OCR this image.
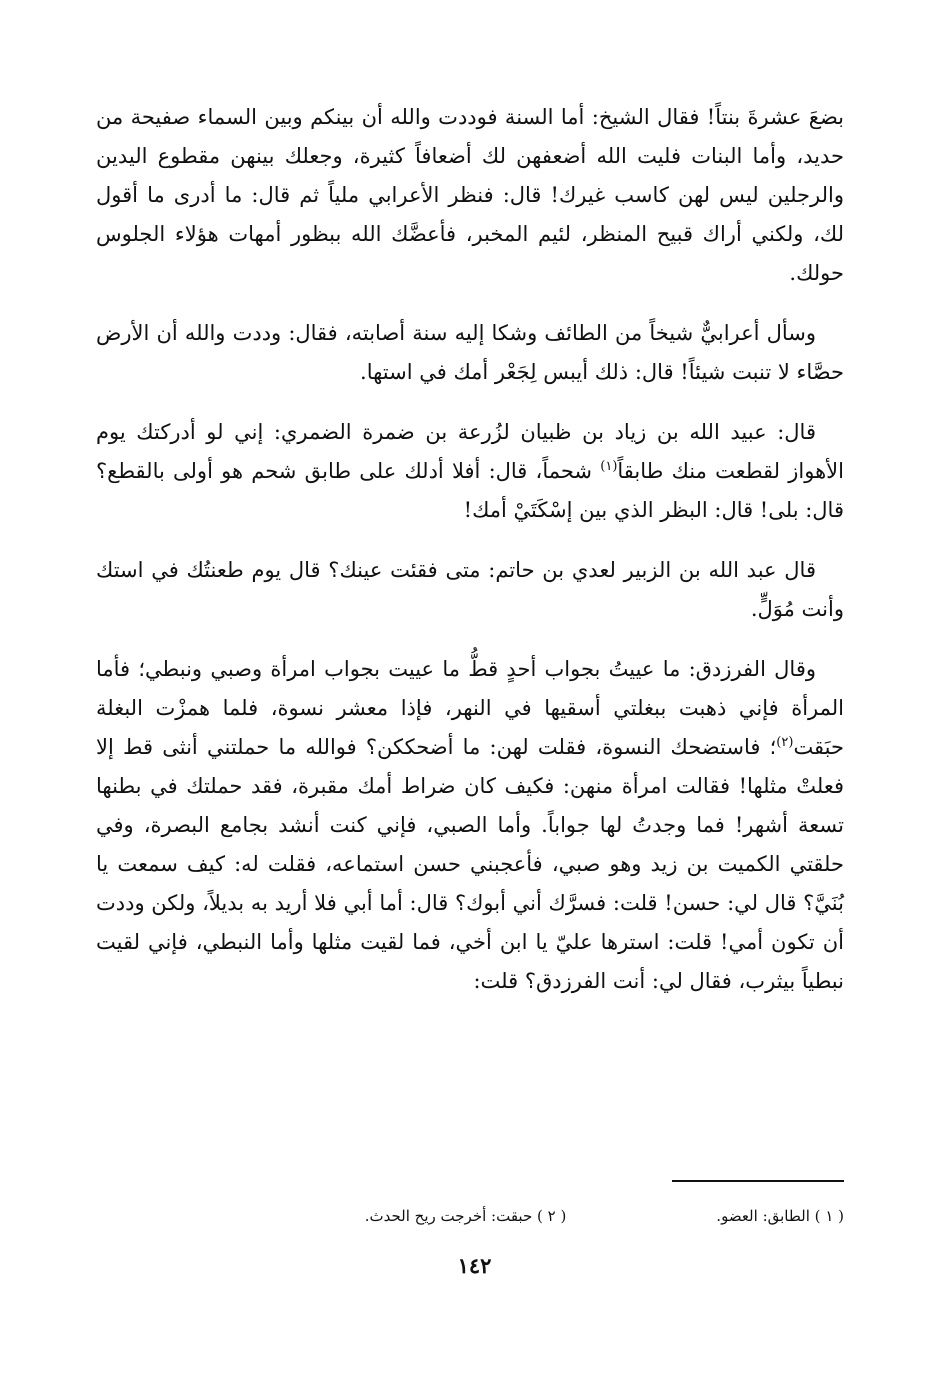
بضعَ عشرةَ بنتاً! فقال الشيخ: أما السنة فوددت والله أن بينكم وبين السماء صفيحة من حديد، وأما البنات فليت الله أضعفهن لك أضعافاً كثيرة، وجعلك بينهن مقطوع اليدين والرجلين ليس لهن كاسب غيرك! قال: فنظر الأعرابي ملياً ثم قال: ما أدرى ما أقول لك، ولكني أراك قبيح المنظر، لئيم المخبر، فأعضَّك الله ببظور أمهات هؤلاء الجلوس حولك.

وسأل أعرابيٌّ شيخاً من الطائف وشكا إليه سنة أصابته، فقال: وددت والله أن الأرض حصَّاء لا تنبت شيئاً! قال: ذلك أيبس لِجَعْر أمك في استها.

قال: عبيد الله بن زياد بن ظبيان لزُرعة بن ضمرة الضمري: إني لو أدركتك يوم الأهواز لقطعت منك طابقاً$^{(١)}$ شحماً، قال: أفلا أدلك على طابق شحم هو أولى بالقطع؟ قال: بلى! قال: البظر الذي بين إسْكَتَيْ أمك!

قال عبد الله بن الزبير لعدي بن حاتم: متى فقئت عينك؟ قال يوم طعنتُك في استك وأنت مُوَلٍّ.

وقال الفرزدق: ما عييتُ بجواب أحدٍ قطُّ ما عييت بجواب امرأة وصبي ونبطي؛ فأما المرأة فإني ذهبت ببغلتي أسقيها في النهر، فإذا معشر نسوة، فلما همزْت البغلة حبَقت$^{(٢)}$؛ فاستضحك النسوة، فقلت لهن: ما أضحككن؟ فوالله ما حملتني أنثى قط إلا فعلتْ مثلها! فقالت امرأة منهن: فكيف كان ضراط أمك مقبرة، فقد حملتك في بطنها تسعة أشهر! فما وجدتُ لها جواباً. وأما الصبي، فإني كنت أنشد بجامع البصرة، وفي حلقتي الكميت بن زيد وهو صبي، فأعجبني حسن استماعه، فقلت له: كيف سمعت يا بُنَيَّ؟ قال لي: حسن! قلت: فسرَّك أني أبوك؟ قال: أما أبي فلا أريد به بديلاً، ولكن وددت أن تكون أمي! قلت: استرها عليّ يا ابن أخي، فما لقيت مثلها وأما النبطي، فإني لقيت نبطياً بيثرب، فقال لي: أنت الفرزدق؟ قلت:

( ١ ) الطابق: العضو.
( ٢ ) حبقت: أخرجت ريح الحدث.
١٤٢
